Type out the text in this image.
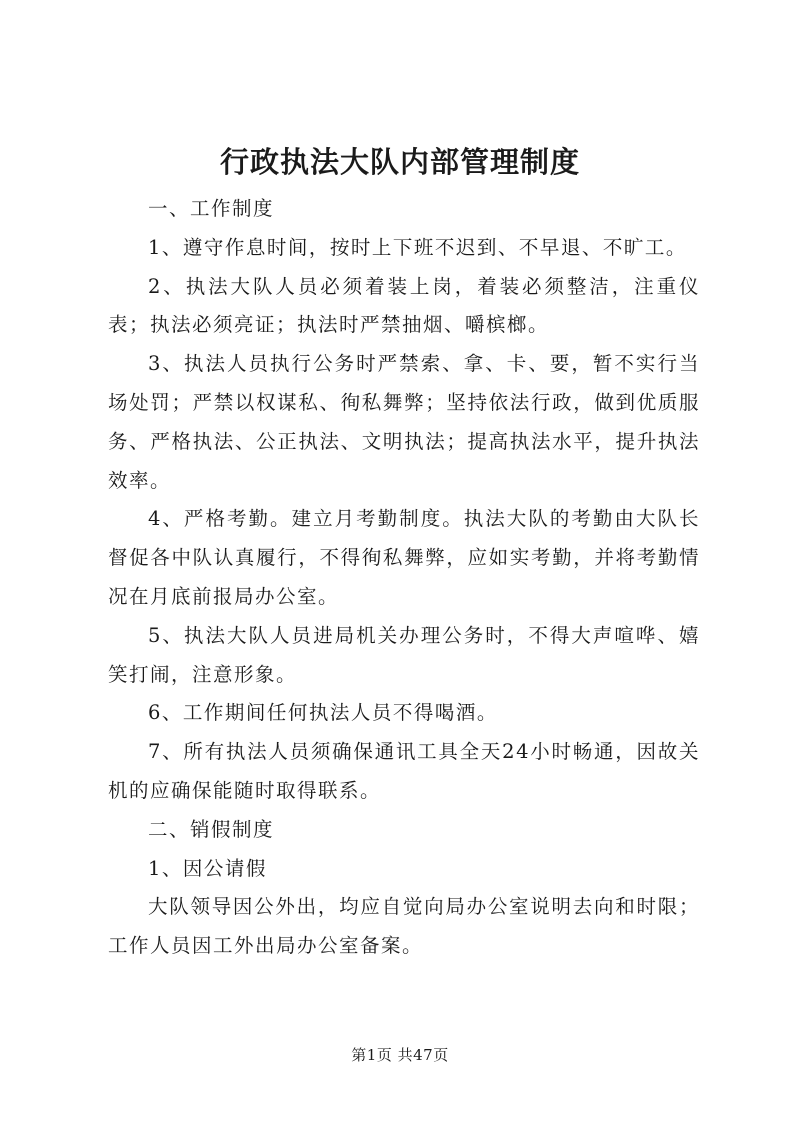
行政执法大队内部管理制度

一、工作制度

1、遵守作息时间，按时上下班不迟到、不早退、不旷工。

2、执法大队人员必须着装上岗，着装必须整洁，注重仪表；执法必须亮证；执法时严禁抽烟、嚼槟榔。

3、执法人员执行公务时严禁索、拿、卡、要，暂不实行当场处罚；严禁以权谋私、徇私舞弊；坚持依法行政，做到优质服务、严格执法、公正执法、文明执法；提高执法水平，提升执法效率。

4、严格考勤。建立月考勤制度。执法大队的考勤由大队长督促各中队认真履行，不得徇私舞弊，应如实考勤，并将考勤情况在月底前报局办公室。

5、执法大队人员进局机关办理公务时，不得大声喧哗、嬉笑打闹，注意形象。

6、工作期间任何执法人员不得喝酒。

7、所有执法人员须确保通讯工具全天24小时畅通，因故关机的应确保能随时取得联系。

二、销假制度

1、因公请假

大队领导因公外出，均应自觉向局办公室说明去向和时限；工作人员因工外出局办公室备案。

第1页 共47页
